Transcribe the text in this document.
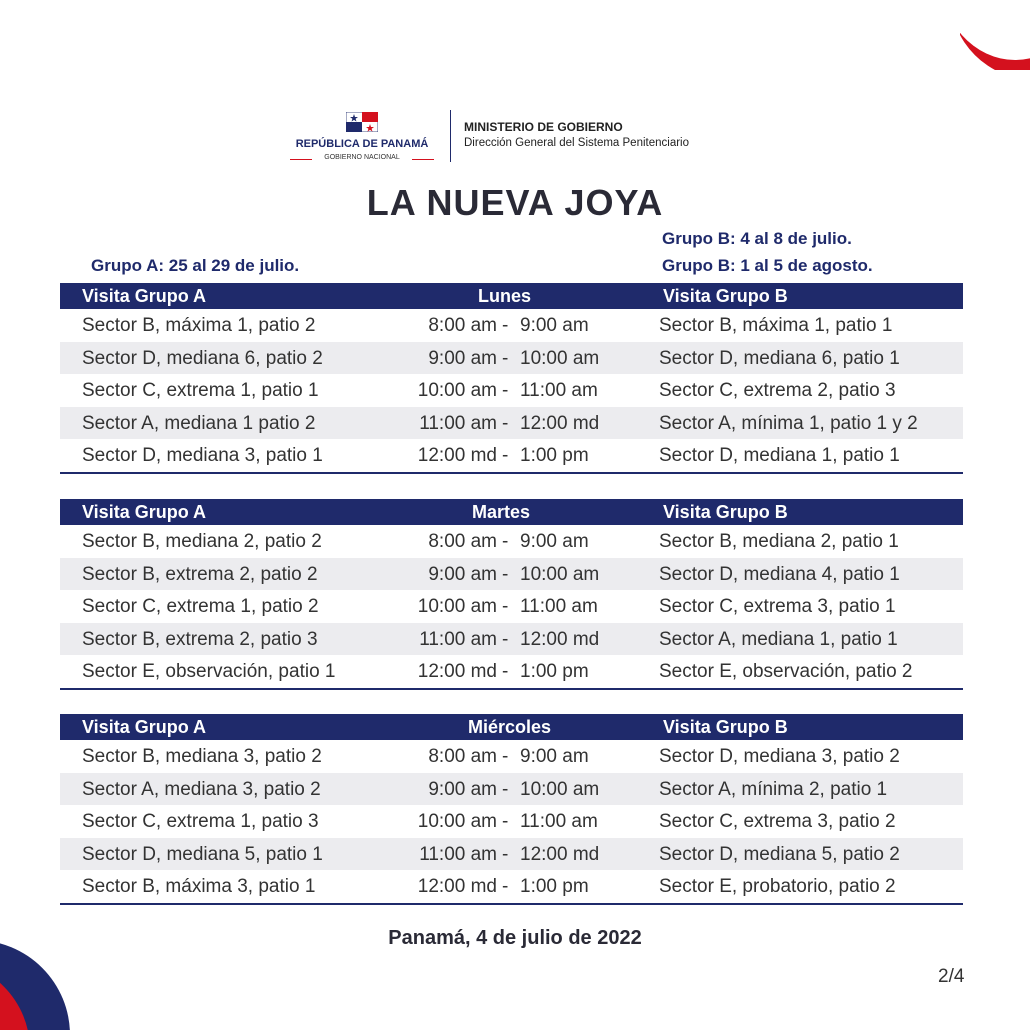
REPÚBLICA DE PANAMÁ
GOBIERNO NACIONAL
MINISTERIO DE GOBIERNO
Dirección General del Sistema Penitenciario
LA NUEVA JOYA
Grupo A: 25 al 29 de julio.
Grupo B: 4 al 8 de julio.
Grupo B: 1 al 5 de agosto.
Visita Grupo A	Lunes	Visita Grupo B
Sector B, máxima 1, patio 2	8:00 am - 9:00 am	Sector B, máxima 1, patio 1
Sector D, mediana 6, patio 2	9:00 am - 10:00 am	Sector D, mediana 6, patio 1
Sector C, extrema 1, patio 1	10:00 am - 11:00 am	Sector C, extrema 2, patio 3
Sector A, mediana 1 patio 2	11:00 am - 12:00 md	Sector A, mínima 1, patio 1 y 2
Sector D, mediana 3, patio 1	12:00 md - 1:00 pm	Sector D, mediana 1, patio 1
Visita Grupo A	Martes	Visita Grupo B
Sector B, mediana 2, patio 2	8:00 am - 9:00 am	Sector B, mediana 2, patio 1
Sector B, extrema 2, patio 2	9:00 am - 10:00 am	Sector D, mediana 4, patio 1
Sector C, extrema 1, patio 2	10:00 am - 11:00 am	Sector C, extrema 3, patio 1
Sector B, extrema 2, patio 3	11:00 am - 12:00 md	Sector A, mediana 1, patio 1
Sector E, observación, patio 1	12:00 md - 1:00 pm	Sector E, observación, patio 2
Visita Grupo A	Miércoles	Visita Grupo B
Sector B, mediana 3, patio 2	8:00 am - 9:00 am	Sector D, mediana 3, patio 2
Sector A, mediana 3, patio 2	9:00 am - 10:00 am	Sector A, mínima 2, patio 1
Sector C, extrema 1, patio 3	10:00 am - 11:00 am	Sector C, extrema 3, patio 2
Sector D, mediana 5, patio 1	11:00 am - 12:00 md	Sector D, mediana 5, patio 2
Sector B, máxima 3, patio 1	12:00 md - 1:00 pm	Sector E, probatorio, patio 2
Panamá, 4 de julio de 2022
2/4
